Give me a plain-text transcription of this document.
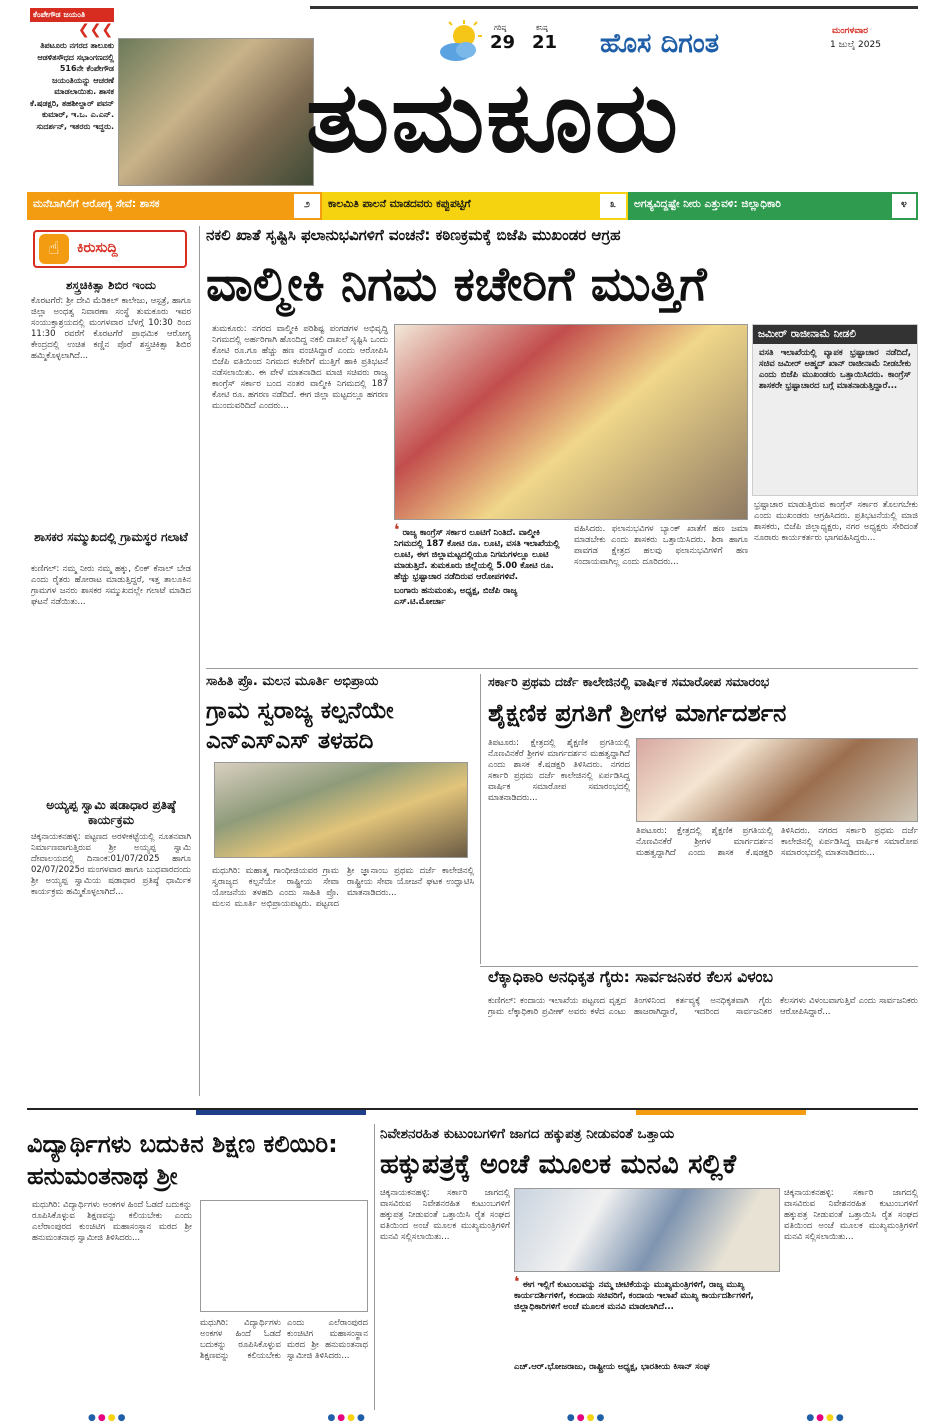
ಕೆಂಪೇಗೌಡ ಜಯಂತಿ
❮❮❮
ತಿಪಟೂರು ನಗರದ ತಾಲೂಕು ಆಡಳಿತಸೌಧದ ಸಭಾಂಗಣದಲ್ಲಿ 516ನೇ ಕೆಂಪೇಗೌಡ ಜಯಂತಿಯನ್ನು ಆಚರಣೆ ಮಾಡಲಾಯಿತು. ಶಾಸಕ ಕೆ.ಷಡಕ್ಷರಿ, ತಹಶೀಲ್ದಾರ್ ಪವನ್ ಕುಮಾರ್, ಇ.ಒ. ಎ.ಎನ್. ಸುದರ್ಶನ್, ಇತರರು ಇದ್ದರು.
ಗರಿಷ್ಠ
29
ಕನಿಷ್ಠ
21 ಹೊಸ ದಿಗಂತ	ಮಂಗಳವಾರ
1 ಜುಲೈ 2025
ತುಮಕೂರು
ಮನೆಬಾಗಿಲಿಗೆ ಆರೋಗ್ಯ ಸೇವೆ: ಶಾಸಕ	೨	ಕಾಲಮಿತಿ ಪಾಲನೆ ಮಾಡದವರು ಕಪ್ಪುಪಟ್ಟಿಗೆ	೩	ಅಗತ್ಯವಿದ್ದಷ್ಟೇ ನೀರು ಎತ್ತುವಳಿ: ಜಿಲ್ಲಾಧಿಕಾರಿ	೪
☝	ಕಿರುಸುದ್ದಿ
ಶಸ್ತ್ರಚಿಕಿತ್ಸಾ ಶಿಬಿರ ಇಂದು
ಕೊರಟಗೆರೆ: ಶ್ರೀ ದೇವಿ ಮೆಡಿಕಲ್ ಕಾಲೇಜು, ಆಸ್ಪತ್ರೆ, ಹಾಗೂ ಜಿಲ್ಲಾ ಅಂಧತ್ವ ನಿವಾರಣಾ ಸಂಸ್ಥೆ ತುಮಕೂರು ಇವರ ಸಂಯುಕ್ತಾಶ್ರಯದಲ್ಲಿ ಮಂಗಳವಾರ ಬೆಳಗ್ಗೆ 10:30 ರಿಂದ 11:30 ರವರೆಗೆ ಕೊರಟಗೆರೆ ಪ್ರಾಥಮಿಕ ಆರೋಗ್ಯ ಕೇಂದ್ರದಲ್ಲಿ ಉಚಿತ ಕಣ್ಣಿನ ಪೊರೆ ಶಸ್ತ್ರಚಿಕಿತ್ಸಾ ಶಿಬಿರ ಹಮ್ಮಿಕೊಳ್ಳಲಾಗಿದೆ...
ಶಾಸಕರ ಸಮ್ಮುಖದಲ್ಲಿ ಗ್ರಾಮಸ್ಥರ ಗಲಾಟೆ
ಕುಣಿಗಲ್: ನಮ್ಮ ನೀರು ನಮ್ಮ ಹಕ್ಕು, ಲಿಂಕ್ ಕೆನಾಲ್ ಬೇಡ ಎಂದು ರೈತರು ಹೋರಾಟ ಮಾಡುತ್ತಿದ್ದರೆ, ಇತ್ತ ತಾಲೂಕಿನ ಗ್ರಾಮಗಳ ಜನರು ಶಾಸಕರ ಸಮ್ಮುಖದಲ್ಲೇ ಗಲಾಟೆ ಮಾಡಿದ ಘಟನೆ ನಡೆಯಿತು...
ಅಯ್ಯಪ್ಪ ಸ್ವಾಮಿ ಷಡಾಧಾರ ಪ್ರತಿಷ್ಠೆ ಕಾರ್ಯಕ್ರಮ
ಚಿಕ್ಕನಾಯಕನಹಳ್ಳಿ: ಪಟ್ಟಣದ ಅರಳೀಕಟ್ಟೆಯಲ್ಲಿ ನೂತನವಾಗಿ ನಿರ್ಮಾಣವಾಗುತ್ತಿರುವ ಶ್ರೀ ಅಯ್ಯಪ್ಪ ಸ್ವಾಮಿ ದೇವಾಲಯದಲ್ಲಿ ದಿನಾಂಕ:01/07/2025 ಹಾಗೂ 02/07/2025ರ ಮಂಗಳವಾರ ಹಾಗೂ ಬುಧವಾರದಂದು ಶ್ರೀ ಅಯ್ಯಪ್ಪ ಸ್ವಾಮಿಯ ಷಡಾಧಾರ ಪ್ರತಿಷ್ಠೆ ಧಾರ್ಮಿಕ ಕಾರ್ಯಕ್ರಮ ಹಮ್ಮಿಕೊಳ್ಳಲಾಗಿದೆ...
ನಕಲಿ ಖಾತೆ ಸೃಷ್ಟಿಸಿ ಫಲಾನುಭವಿಗಳಿಗೆ ವಂಚನೆ: ಕಠಿಣಕ್ರಮಕ್ಕೆ ಬಿಜೆಪಿ ಮುಖಂಡರ ಆಗ್ರಹ
ವಾಲ್ಮೀಕಿ ನಿಗಮ ಕಚೇರಿಗೆ ಮುತ್ತಿಗೆ
ತುಮಕೂರು: ನಗರದ ವಾಲ್ಮೀಕಿ ಪರಿಶಿಷ್ಟ ಪಂಗಡಗಳ ಅಭಿವೃದ್ಧಿ ನಿಗಮದಲ್ಲಿ ಅರ್ಹರಿಗಾಗಿ ಹೊಂದಿದ್ದ ನಕಲಿ ದಾಖಲೆ ಸೃಷ್ಟಿಸಿ ಒಂದು ಕೋಟಿ ರೂ.ಗೂ ಹೆಚ್ಚು ಹಣ ವಂಚಿಸಿದ್ದಾರೆ ಎಂದು ಆರೋಪಿಸಿ ಬಿಜೆಪಿ ವತಿಯಿಂದ ನಿಗಮದ ಕಚೇರಿಗೆ ಮುತ್ತಿಗೆ ಹಾಕಿ ಪ್ರತಿಭಟನೆ ನಡೆಸಲಾಯಿತು. ಈ ವೇಳೆ ಮಾತನಾಡಿದ ಮಾಜಿ ಸಚಿವರು ರಾಜ್ಯ ಕಾಂಗ್ರೆಸ್ ಸರ್ಕಾರ ಬಂದ ನಂತರ ವಾಲ್ಮೀಕಿ ನಿಗಮದಲ್ಲಿ 187 ಕೋಟಿ ರೂ. ಹಗರಣ ನಡೆದಿದೆ. ಈಗ ಜಿಲ್ಲಾ ಮಟ್ಟದಲ್ಲೂ ಹಗರಣ ಮುಂದುವರಿದಿದೆ ಎಂದರು...
❛ ರಾಜ್ಯ ಕಾಂಗ್ರೆಸ್ ಸರ್ಕಾರ ಲೂಟಿಗೆ ನಿಂತಿದೆ. ವಾಲ್ಮೀಕಿ ನಿಗಮದಲ್ಲಿ 187 ಕೋಟಿ ರೂ. ಲೂಟಿ, ವಸತಿ ಇಲಾಖೆಯಲ್ಲಿ ಲೂಟಿ, ಈಗ ಜಿಲ್ಲಾಮಟ್ಟದಲ್ಲಿಯೂ ನಿಗಮಗಳಲ್ಲೂ ಲೂಟಿ ಮಾಡುತ್ತಿದೆ. ತುಮಕೂರು ಜಿಲ್ಲೆಯಲ್ಲಿ 5.00 ಕೋಟಿ ರೂ. ಹೆಚ್ಚು ಭ್ರಷ್ಟಾಚಾರ ನಡೆದಿರುವ ಆರೋಪಗಳಿವೆ.
ಬಂಗಾರು ಹನುಮಂತು, ಅಧ್ಯಕ್ಷ, ಬಿಜೆಪಿ ರಾಜ್ಯ ಎಸ್.ಟಿ.ಮೋರ್ಚಾ
ವಹಿಸಿದರು. ಫಲಾನುಭವಿಗಳ ಬ್ಯಾಂಕ್ ಖಾತೆಗೆ ಹಣ ಜಮಾ ಮಾಡಬೇಕು ಎಂದು ಶಾಸಕರು ಒತ್ತಾಯಿಸಿದರು. ಶಿರಾ ಹಾಗೂ ಪಾವಗಡ ಕ್ಷೇತ್ರದ ಹಲವು ಫಲಾನುಭವಿಗಳಿಗೆ ಹಣ ಸಂದಾಯವಾಗಿಲ್ಲ ಎಂದು ದೂರಿದರು...
ಜಮೀರ್ ರಾಜೀನಾಮೆ ನೀಡಲಿ
ವಸತಿ ಇಲಾಖೆಯಲ್ಲಿ ವ್ಯಾಪಕ ಭ್ರಷ್ಟಾಚಾರ ನಡೆದಿದೆ, ಸಚಿವ ಜಮೀರ್ ಅಹ್ಮದ್ ಖಾನ್ ರಾಜೀನಾಮೆ ನೀಡಬೇಕು ಎಂದು ಬಿಜೆಪಿ ಮುಖಂಡರು ಒತ್ತಾಯಿಸಿದರು. ಕಾಂಗ್ರೆಸ್ ಶಾಸಕರೇ ಭ್ರಷ್ಟಾಚಾರದ ಬಗ್ಗೆ ಮಾತನಾಡುತ್ತಿದ್ದಾರೆ...
ಭ್ರಷ್ಟಾಚಾರ ಮಾಡುತ್ತಿರುವ ಕಾಂಗ್ರೆಸ್ ಸರ್ಕಾರ ತೊಲಗಬೇಕು ಎಂದು ಮುಖಂಡರು ಆಗ್ರಹಿಸಿದರು. ಪ್ರತಿಭಟನೆಯಲ್ಲಿ ಮಾಜಿ ಶಾಸಕರು, ಬಿಜೆಪಿ ಜಿಲ್ಲಾಧ್ಯಕ್ಷರು, ನಗರ ಅಧ್ಯಕ್ಷರು ಸೇರಿದಂತೆ ನೂರಾರು ಕಾರ್ಯಕರ್ತರು ಭಾಗವಹಿಸಿದ್ದರು...
ಸಾಹಿತಿ ಪ್ರೊ. ಮಲನ ಮೂರ್ತಿ ಅಭಿಪ್ರಾಯ
ಗ್ರಾಮ ಸ್ವರಾಜ್ಯ ಕಲ್ಪನೆಯೇ ಎನ್‌ಎಸ್‌ಎಸ್ ತಳಹದಿ
ಮಧುಗಿರಿ: ಮಹಾತ್ಮ ಗಾಂಧೀಜಿಯವರ ಗ್ರಾಮ ಸ್ವರಾಜ್ಯದ ಕಲ್ಪನೆಯೇ ರಾಷ್ಟ್ರೀಯ ಸೇವಾ ಯೋಜನೆಯ ತಳಹದಿ ಎಂದು ಸಾಹಿತಿ ಪ್ರೊ. ಮಲನ ಮೂರ್ತಿ ಅಭಿಪ್ರಾಯಪಟ್ಟರು. ಪಟ್ಟಣದ ಶ್ರೀ ಜ್ಞಾನಾಂಬ ಪ್ರಥಮ ದರ್ಜೆ ಕಾಲೇಜಿನಲ್ಲಿ ರಾಷ್ಟ್ರೀಯ ಸೇವಾ ಯೋಜನೆ ಘಟಕ ಉದ್ಘಾಟಿಸಿ ಮಾತನಾಡಿದರು...
ಸರ್ಕಾರಿ ಪ್ರಥಮ ದರ್ಜೆ ಕಾಲೇಜಿನಲ್ಲಿ ವಾರ್ಷಿಕ ಸಮಾರೋಪ ಸಮಾರಂಭ
ಶೈಕ್ಷಣಿಕ ಪ್ರಗತಿಗೆ ಶ್ರೀಗಳ ಮಾರ್ಗದರ್ಶನ
ತಿಪಟೂರು: ಕ್ಷೇತ್ರದಲ್ಲಿ ಶೈಕ್ಷಣಿಕ ಪ್ರಗತಿಯಲ್ಲಿ ನೊಣವಿನಕೆರೆ ಶ್ರೀಗಳ ಮಾರ್ಗದರ್ಶನ ಮಹತ್ವದ್ದಾಗಿದೆ ಎಂದು ಶಾಸಕ ಕೆ.ಷಡಕ್ಷರಿ ತಿಳಿಸಿದರು. ನಗರದ ಸರ್ಕಾರಿ ಪ್ರಥಮ ದರ್ಜೆ ಕಾಲೇಜಿನಲ್ಲಿ ಏರ್ಪಡಿಸಿದ್ದ ವಾರ್ಷಿಕ ಸಮಾರೋಪ ಸಮಾರಂಭದಲ್ಲಿ ಮಾತನಾಡಿದರು...
ತಿಪಟೂರು: ಕ್ಷೇತ್ರದಲ್ಲಿ ಶೈಕ್ಷಣಿಕ ಪ್ರಗತಿಯಲ್ಲಿ ನೊಣವಿನಕೆರೆ ಶ್ರೀಗಳ ಮಾರ್ಗದರ್ಶನ ಮಹತ್ವದ್ದಾಗಿದೆ ಎಂದು ಶಾಸಕ ಕೆ.ಷಡಕ್ಷರಿ ತಿಳಿಸಿದರು. ನಗರದ ಸರ್ಕಾರಿ ಪ್ರಥಮ ದರ್ಜೆ ಕಾಲೇಜಿನಲ್ಲಿ ಏರ್ಪಡಿಸಿದ್ದ ವಾರ್ಷಿಕ ಸಮಾರೋಪ ಸಮಾರಂಭದಲ್ಲಿ ಮಾತನಾಡಿದರು...
ಲೆಕ್ಕಾಧಿಕಾರಿ ಅನಧಿಕೃತ ಗೈರು: ಸಾರ್ವಜನಿಕರ ಕೆಲಸ ವಿಳಂಬ
ಕುಣಿಗಲ್: ಕಂದಾಯ ಇಲಾಖೆಯ ಪಟ್ಟಣದ ವೃತ್ತದ ಗ್ರಾಮ ಲೆಕ್ಕಾಧಿಕಾರಿ ಪ್ರವೀಣ್ ಅವರು ಕಳೆದ ಎಂಟು ತಿಂಗಳಿನಿಂದ ಕರ್ತವ್ಯಕ್ಕೆ ಅನಧಿಕೃತವಾಗಿ ಗೈರು ಹಾಜರಾಗಿದ್ದಾರೆ, ಇದರಿಂದ ಸಾರ್ವಜನಿಕರ ಕೆಲಸಗಳು ವಿಳಂಬವಾಗುತ್ತಿವೆ ಎಂದು ಸಾರ್ವಜನಿಕರು ಆರೋಪಿಸಿದ್ದಾರೆ...
ವಿದ್ಯಾರ್ಥಿಗಳು ಬದುಕಿನ ಶಿಕ್ಷಣ ಕಲಿಯಿರಿ: ಹನುಮಂತನಾಥ ಶ್ರೀ
ಮಧುಗಿರಿ: ವಿದ್ಯಾರ್ಥಿಗಳು ಅಂಕಗಳ ಹಿಂದೆ ಓಡದೆ ಬದುಕನ್ನು ರೂಪಿಸಿಕೊಳ್ಳುವ ಶಿಕ್ಷಣವನ್ನು ಕಲಿಯಬೇಕು ಎಂದು ಎಲೆರಾಂಪುರದ ಕುಂಚಿಟಿಗ ಮಹಾಸಂಸ್ಥಾನ ಮಠದ ಶ್ರೀ ಹನುಮಂತನಾಥ ಸ್ವಾಮೀಜಿ ತಿಳಿಸಿದರು...
ಮಧುಗಿರಿ: ವಿದ್ಯಾರ್ಥಿಗಳು ಅಂಕಗಳ ಹಿಂದೆ ಓಡದೆ ಬದುಕನ್ನು ರೂಪಿಸಿಕೊಳ್ಳುವ ಶಿಕ್ಷಣವನ್ನು ಕಲಿಯಬೇಕು ಎಂದು ಎಲೆರಾಂಪುರದ ಕುಂಚಿಟಿಗ ಮಹಾಸಂಸ್ಥಾನ ಮಠದ ಶ್ರೀ ಹನುಮಂತನಾಥ ಸ್ವಾಮೀಜಿ ತಿಳಿಸಿದರು...
ನಿವೇಶನರಹಿತ ಕುಟುಂಬಗಳಿಗೆ ಜಾಗದ ಹಕ್ಕುಪತ್ರ ನೀಡುವಂತೆ ಒತ್ತಾಯ
ಹಕ್ಕುಪತ್ರಕ್ಕೆ ಅಂಚೆ ಮೂಲಕ ಮನವಿ ಸಲ್ಲಿಕೆ
ಚಿಕ್ಕನಾಯಕನಹಳ್ಳಿ: ಸರ್ಕಾರಿ ಜಾಗದಲ್ಲಿ ವಾಸವಿರುವ ನಿವೇಶನರಹಿತ ಕುಟುಂಬಗಳಿಗೆ ಹಕ್ಕುಪತ್ರ ನೀಡುವಂತೆ ಒತ್ತಾಯಿಸಿ ರೈತ ಸಂಘದ ವತಿಯಿಂದ ಅಂಚೆ ಮೂಲಕ ಮುಖ್ಯಮಂತ್ರಿಗಳಿಗೆ ಮನವಿ ಸಲ್ಲಿಸಲಾಯಿತು...
❛ ಈಗ ಇಲ್ಲಿಗೆ ಕುಟುಂಬವನ್ನು ನಮ್ಮ ಚೀಟಿಕೆಯನ್ನು ಮುಖ್ಯಮಂತ್ರಿಗಳಿಗೆ, ರಾಜ್ಯ ಮುಖ್ಯ ಕಾರ್ಯದರ್ಶಿಗಳಿಗೆ, ಕಂದಾಯ ಸಚಿವರಿಗೆ, ಕಂದಾಯ ಇಲಾಖೆ ಮುಖ್ಯ ಕಾರ್ಯದರ್ಶಿಗಳಿಗೆ, ಜಿಲ್ಲಾಧಿಕಾರಿಗಳಿಗೆ ಅಂಚೆ ಮೂಲಕ ಮನವಿ ಮಾಡಲಾಗಿದೆ...
ಎಚ್.ಆರ್.ಭೋಜರಾಜು, ರಾಷ್ಟ್ರೀಯ ಅಧ್ಯಕ್ಷ, ಭಾರತೀಯ ಕಿಸಾನ್ ಸಂಘ
ಚಿಕ್ಕನಾಯಕನಹಳ್ಳಿ: ಸರ್ಕಾರಿ ಜಾಗದಲ್ಲಿ ವಾಸವಿರುವ ನಿವೇಶನರಹಿತ ಕುಟುಂಬಗಳಿಗೆ ಹಕ್ಕುಪತ್ರ ನೀಡುವಂತೆ ಒತ್ತಾಯಿಸಿ ರೈತ ಸಂಘದ ವತಿಯಿಂದ ಅಂಚೆ ಮೂಲಕ ಮುಖ್ಯಮಂತ್ರಿಗಳಿಗೆ ಮನವಿ ಸಲ್ಲಿಸಲಾಯಿತು...
●●●●	●●●●	●●●●	●●●●
